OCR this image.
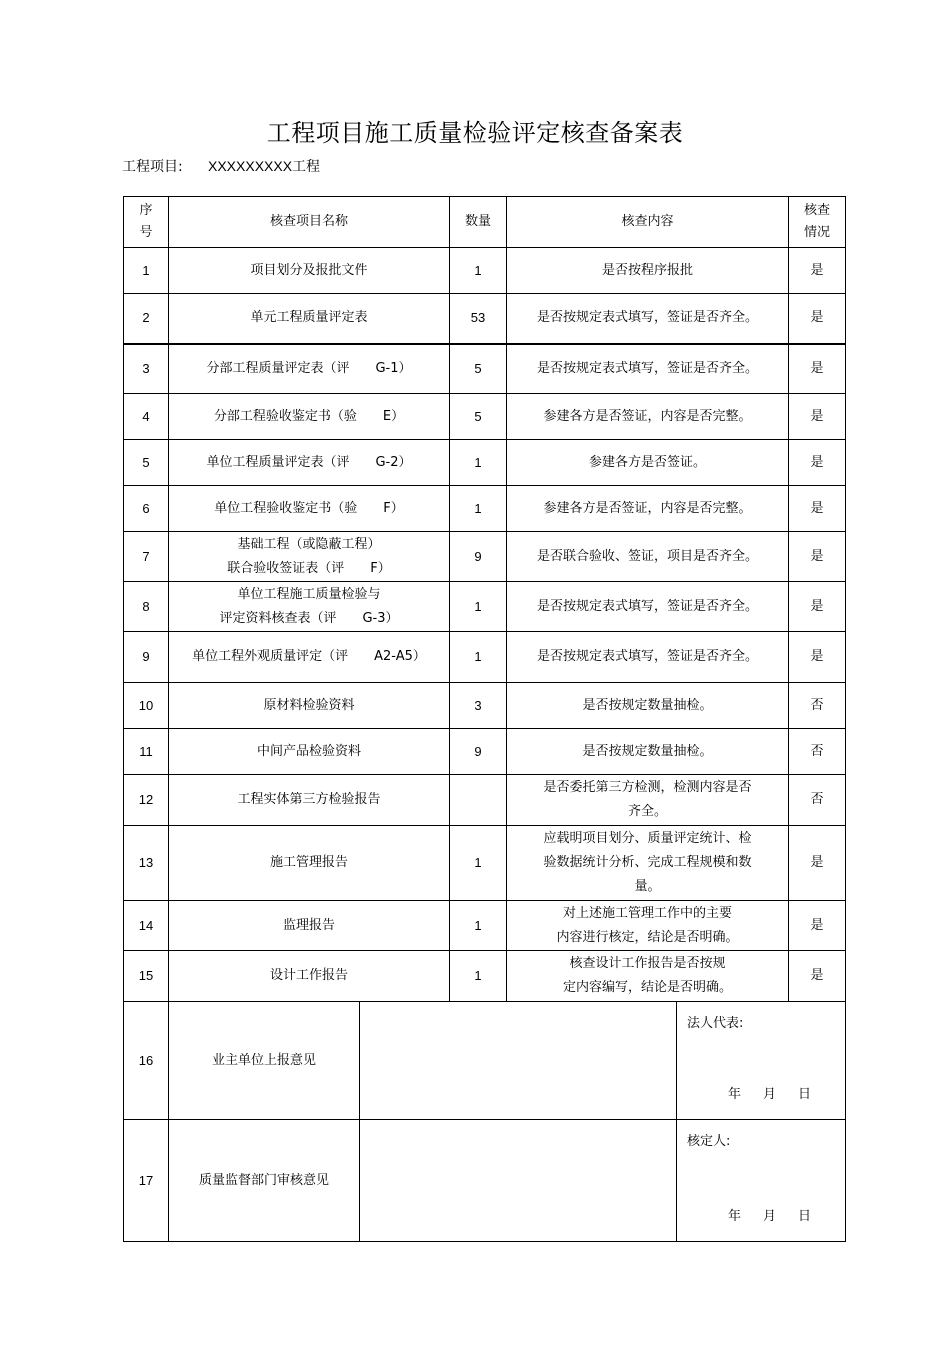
工程项目施工质量检验评定核查备案表
工程项目: XXXXXXXXX工程
序号	核查项目名称		数量	核查内容		核查情况
1	项目划分及报批文件		1	是否按程序报批		是
2	单元工程质量评定表		53	是否按规定表式填写，签证是否齐全。		是
3	分部工程质量评定表（评　　G-1）		5	是否按规定表式填写，签证是否齐全。		是
4	分部工程验收鉴定书（验　　E）		5	参建各方是否签证，内容是否完整。		是
5	单位工程质量评定表（评　　G-2）		1	参建各方是否签证。		是
6	单位工程验收鉴定书（验　　F）		1	参建各方是否签证，内容是否完整。		是
7	基础工程（或隐蔽工程）
联合验收签证表（评　　F）		9	是否联合验收、签证，项目是否齐全。		是
8	单位工程施工质量检验与
评定资料核查表（评　　G-3）		1	是否按规定表式填写，签证是否齐全。		是
9	单位工程外观质量评定（评　　A2-A5）		1	是否按规定表式填写，签证是否齐全。		是
10	原材料检验资料		3	是否按规定数量抽检。		否
11	中间产品检验资料		9	是否按规定数量抽检。		否
12	工程实体第三方检验报告			是否委托第三方检测，检测内容是否
齐全。		否
13	施工管理报告		1	应载明项目划分、质量评定统计、检
验数据统计分析、完成工程规模和数
量。		是
14	监理报告		1	对上述施工管理工作中的主要
内容进行核定，结论是否明确。		是
15	设计工作报告		1	核查设计工作报告是否按规
定内容编写，结论是否明确。		是
16	业主单位上报意见				法人代表:
年 月 日	

17	质量监督部门审核意见				核定人:
年 月 日	
